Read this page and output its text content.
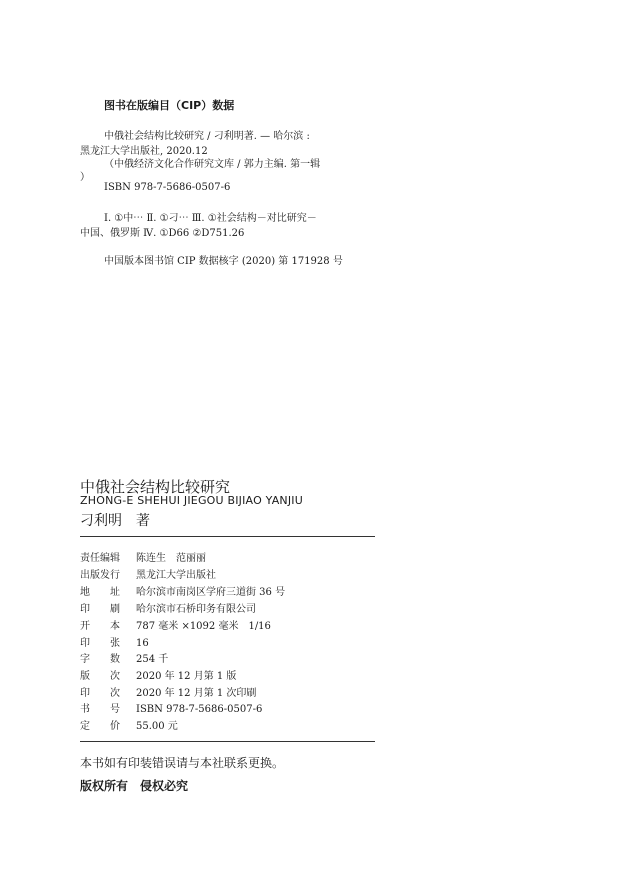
图书在版编目（CIP）数据
中俄社会结构比较研究 / 刁利明著. — 哈尔滨 :
黑龙江大学出版社, 2020.12
（中俄经济文化合作研究文库 / 郭力主编. 第一辑
）
ISBN 978-7-5686-0507-6
Ⅰ. ①中⋯ Ⅱ. ①刁⋯ Ⅲ. ①社会结构－对比研究－
中国、俄罗斯 Ⅳ. ①D66 ②D751.26
中国版本图书馆 CIP 数据核字 (2020) 第 171928 号
中俄社会结构比较研究
ZHONG-E SHEHUI JIEGOU BIJIAO YANJIU
刁利明　著
责任编辑 陈连生　范丽丽
出版发行 黑龙江大学出版社
地　　址 哈尔滨市南岗区学府三道街 36 号
印　　刷 哈尔滨市石桥印务有限公司
开　　本 787 毫米 ×1092 毫米　1/16
印　　张 16
字　　数 254 千
版　　次 2020 年 12 月第 1 版
印　　次 2020 年 12 月第 1 次印刷
书　　号 ISBN 978-7-5686-0507-6
定　　价 55.00 元
本书如有印装错误请与本社联系更换。
版权所有　侵权必究
